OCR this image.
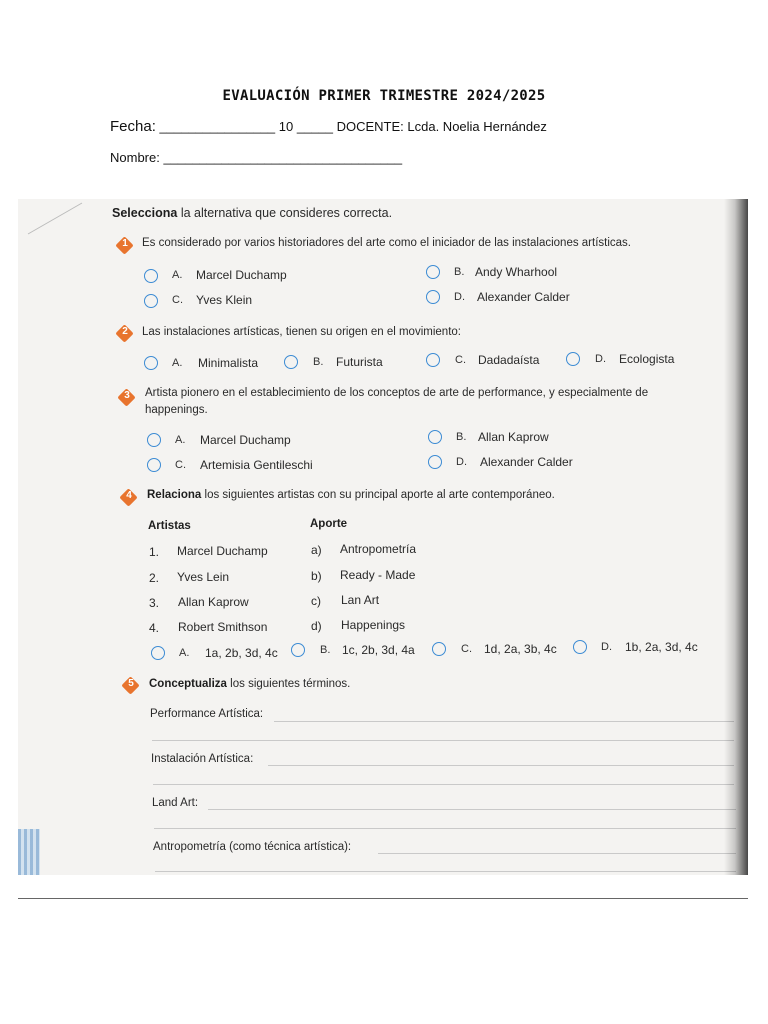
EVALUACIÓN PRIMER TRIMESTRE 2024/2025
Fecha: ________________ 10 _____ DOCENTE: Lcda. Noelia Hernández
Nombre: _________________________________
Selecciona la alternativa que consideres correcta.
1	Es considerado por varios historiadores del arte como el iniciador de las instalaciones artísticas.
A. Marcel Duchamp	B. Andy Wharhool
C. Yves Klein	D. Alexander Calder
2	Las instalaciones artísticas, tienen su origen en el movimiento:
A. Minimalista	B. Futurista	C. Dadadaísta	D. Ecologista
3	Artista pionero en el establecimiento de los conceptos de arte de performance, y especialmente de
happenings.
A. Marcel Duchamp	B. Allan Kaprow
C. Artemisia Gentileschi	D. Alexander Calder
4	Relaciona los siguientes artistas con su principal aporte al arte contemporáneo.
Artistas	Aporte
1. Marcel Duchamp	a) Antropometría
2. Yves Lein	b) Ready - Made
3. Allan Kaprow	c) Lan Art
4. Robert Smithson	d) Happenings
A. 1a, 2b, 3d, 4c	B. 1c, 2b, 3d, 4a	C. 1d, 2a, 3b, 4c	D. 1b, 2a, 3d, 4c
5	Conceptualiza los siguientes términos.
Performance Artística:
Instalación Artística:
Land Art:
Antropometría (como técnica artística):
